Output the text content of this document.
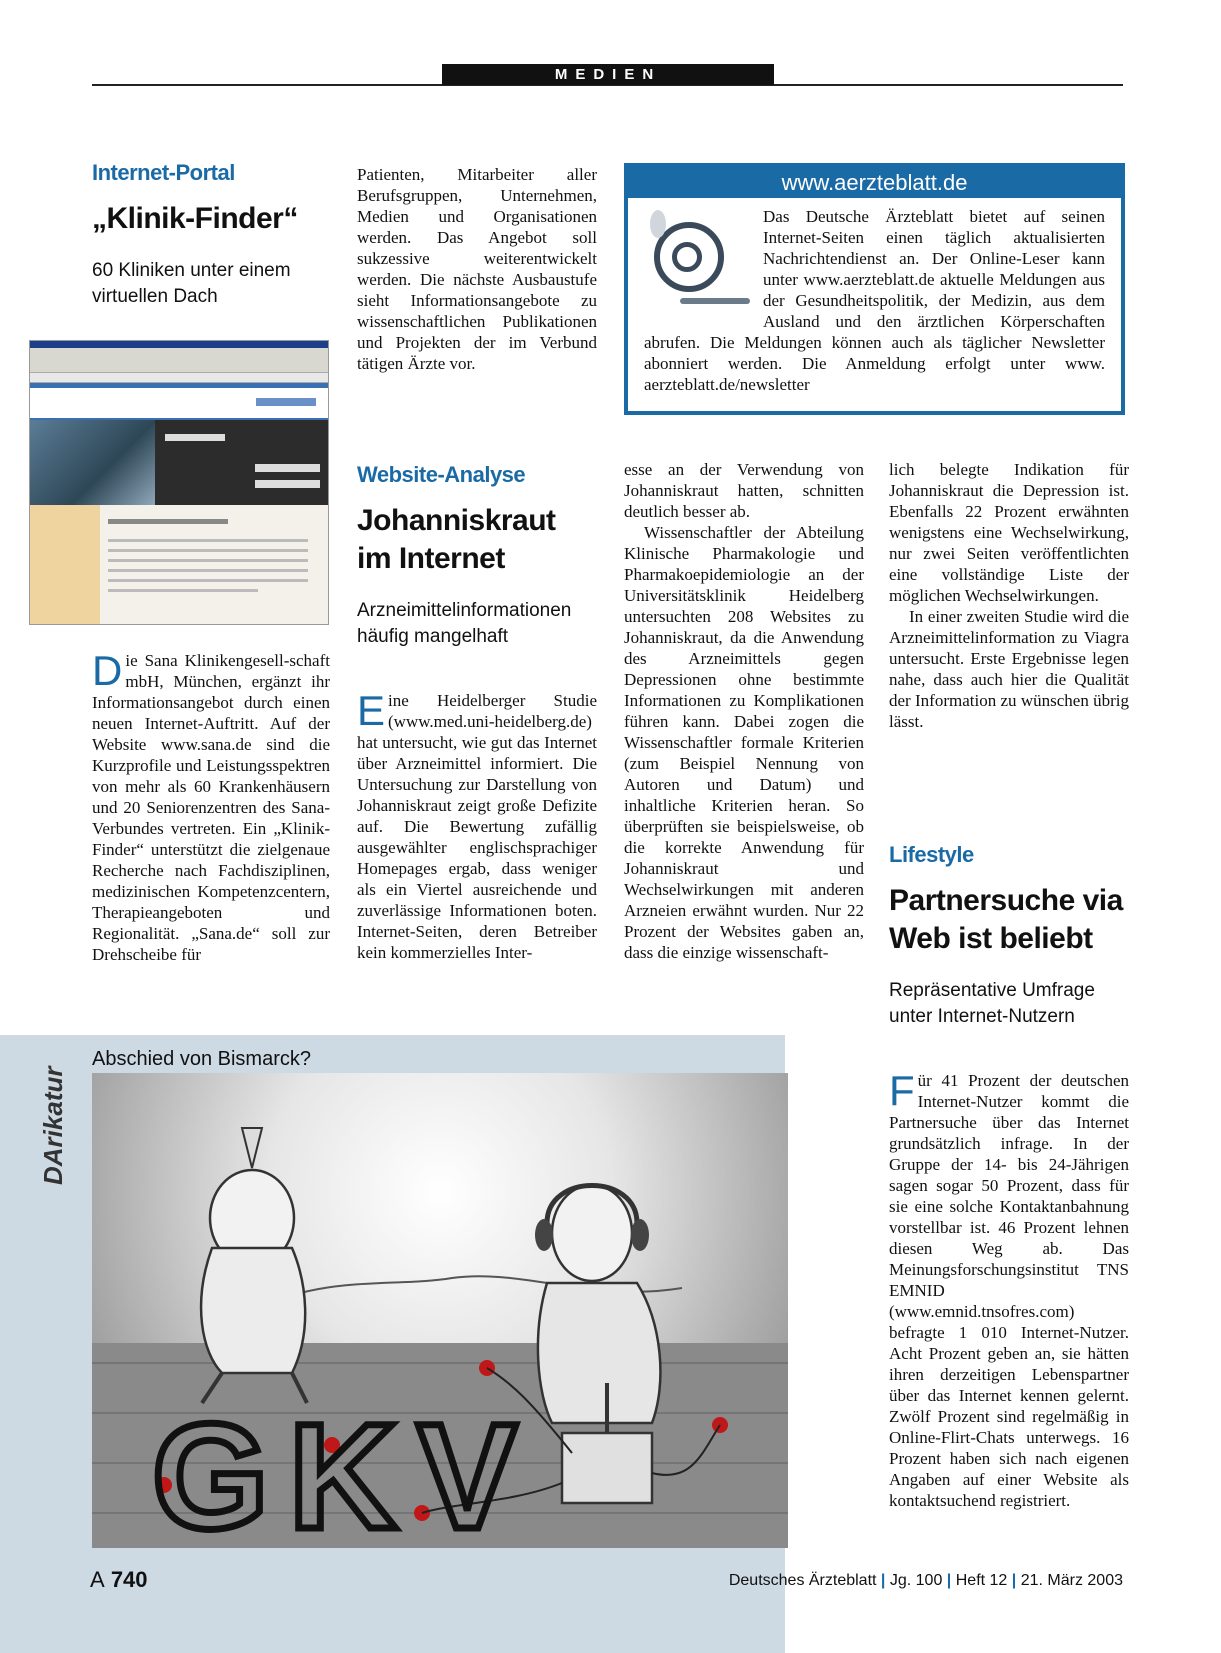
MEDIEN
Internet-Portal
„Klinik-Finder“
60 Kliniken unter einem virtuellen Dach
Die Sana Klinikengesell-schaft mbH, München, ergänzt ihr Informationsangebot durch einen neuen Internet-Auftritt. Auf der Website www.sana.de sind die Kurzprofile und Leistungsspektren von mehr als 60 Krankenhäusern und 20 Seniorenzentren des Sana-Verbundes vertreten. Ein „Klinik-Finder“ unterstützt die zielgenaue Recherche nach Fachdisziplinen, medizinischen Kompetenzcentern, Therapieangeboten und Regionalität. „Sana.de“ soll zur Drehscheibe für
Patienten, Mitarbeiter aller Berufsgruppen, Unternehmen, Medien und Organisationen werden. Das Angebot soll sukzessive weiterentwickelt werden. Die nächste Ausbaustufe sieht Informationsangebote zu wissenschaftlichen Publikationen und Projekten der im Verbund tätigen Ärzte vor.
www.aerzteblatt.de
Das Deutsche Ärzteblatt bietet auf seinen Internet-Seiten einen täglich aktualisierten Nachrichtendienst an. Der Online-Leser kann unter www.aerzteblatt.de aktuelle Meldungen aus der Gesundheitspolitik, der Medizin, aus dem Ausland und den ärztlichen Körperschaften abrufen. Die Meldungen können auch als täglicher Newsletter abonniert werden. Die Anmeldung erfolgt unter www. aerzteblatt.de/newsletter
Website-Analyse
Johanniskraut
im Internet
Arzneimittelinformationen häufig mangelhaft
Eine Heidelberger Studie (www.med.uni-heidelberg.de) hat untersucht, wie gut das Internet über Arzneimittel informiert. Die Untersuchung zur Darstellung von Johanniskraut zeigt große Defizite auf. Die Bewertung zufällig ausgewählter englischsprachiger Homepages ergab, dass weniger als ein Viertel ausreichende und zuverlässige Informationen boten. Internet-Seiten, deren Betreiber kein kommerzielles Inter-

esse an der Verwendung von Johanniskraut hatten, schnitten deutlich besser ab.

Wissenschaftler der Abteilung Klinische Pharmakologie und Pharmakoepidemiologie an der Universitätsklinik Heidelberg untersuchten 208 Websites zu Johanniskraut, da die Anwendung des Arzneimittels gegen Depressionen ohne bestimmte Informationen zu Komplikationen führen kann. Dabei zogen die Wissenschaftler formale Kriterien (zum Beispiel Nennung von Autoren und Datum) und inhaltliche Kriterien heran. So überprüften sie beispielsweise, ob die korrekte Anwendung für Johanniskraut und Wechselwirkungen mit anderen Arzneien erwähnt wurden. Nur 22 Prozent der Websites gaben an, dass die einzige wissenschaft-

lich belegte Indikation für Johanniskraut die Depression ist. Ebenfalls 22 Prozent erwähnten wenigstens eine Wechselwirkung, nur zwei Seiten veröffentlichten eine vollständige Liste der möglichen Wechselwirkungen.

In einer zweiten Studie wird die Arzneimittelinformation zu Viagra untersucht. Erste Ergebnisse legen nahe, dass auch hier die Qualität der Information zu wünschen übrig lässt.

Lifestyle
Partnersuche via
Web ist beliebt
Repräsentative Umfrage unter Internet-Nutzern
Für 41 Prozent der deutschen Internet-Nutzer kommt die Partnersuche über das Internet grundsätzlich infrage. In der Gruppe der 14- bis 24-Jährigen sagen sogar 50 Prozent, dass für sie eine solche Kontaktanbahnung vorstellbar ist. 46 Prozent lehnen diesen Weg ab. Das Meinungsforschungsinstitut TNS EMNID (www.emnid.tnsofres.com) befragte 1 010 Internet-Nutzer. Acht Prozent geben an, sie hätten ihren derzeitigen Lebenspartner über das Internet kennen gelernt. Zwölf Prozent sind regelmäßig in Online-Flirt-Chats unterwegs. 16 Prozent haben sich nach eigenen Angaben auf einer Website als kontaktsuchend registriert.
Abschied von Bismarck?
DArikatur
GKV
A 740	Deutsches Ärzteblatt | Jg. 100 | Heft 12 | 21. März 2003
